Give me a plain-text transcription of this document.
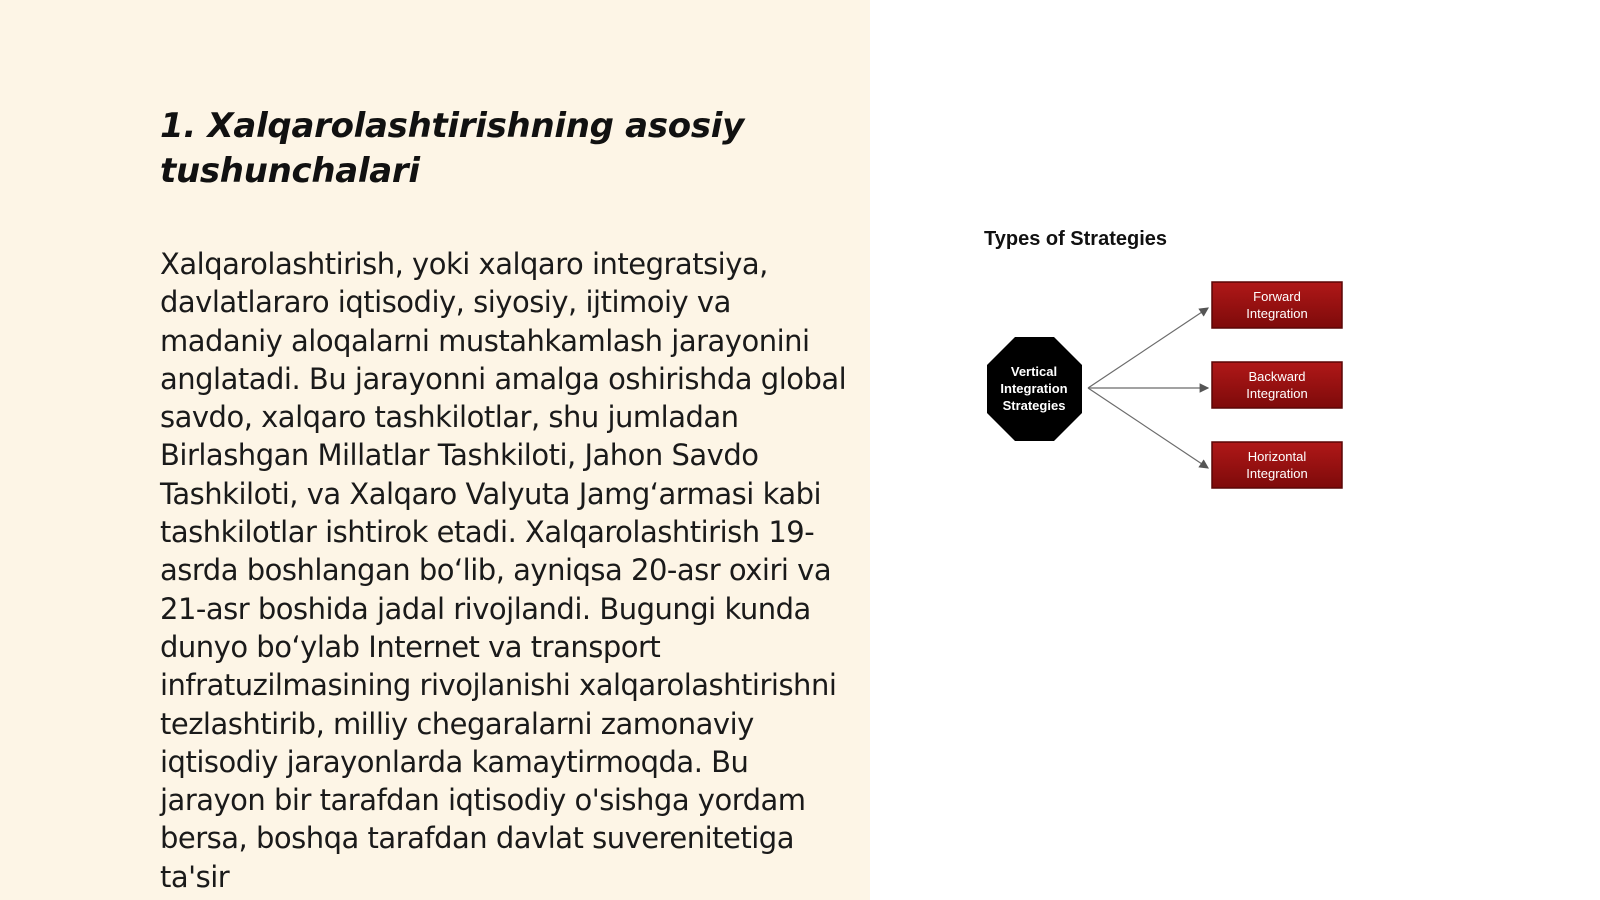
1. Xalqarolashtirishning asosiy tushunchalari

Xalqarolashtirish, yoki xalqaro integratsiya, davlatlararo iqtisodiy, siyosiy, ijtimoiy va madaniy aloqalarni mustahkamlash jarayonini anglatadi. Bu jarayonni amalga oshirishda global savdo, xalqaro tashkilotlar, shu jumladan Birlashgan Millatlar Tashkiloti, Jahon Savdo Tashkiloti, va Xalqaro Valyuta Jamg‘armasi kabi tashkilotlar ishtirok etadi. Xalqarolashtirish 19-asrda boshlangan bo‘lib, ayniqsa 20-asr oxiri va 21-asr boshida jadal rivojlandi. Bugungi kunda dunyo bo‘ylab Internet va transport infratuzilmasining rivojlanishi xalqarolashtirishni tezlashtirib, milliy chegaralarni zamonaviy iqtisodiy jarayonlarda kamaytirmoqda. Bu jarayon bir tarafdan iqtisodiy o'sishga yordam bersa, boshqa tarafdan davlat suverenitetiga ta'sir

Types of Strategies

Vertical
Integration
Strategies
Forward
Integration
Backward
Integration
Horizontal
Integration
